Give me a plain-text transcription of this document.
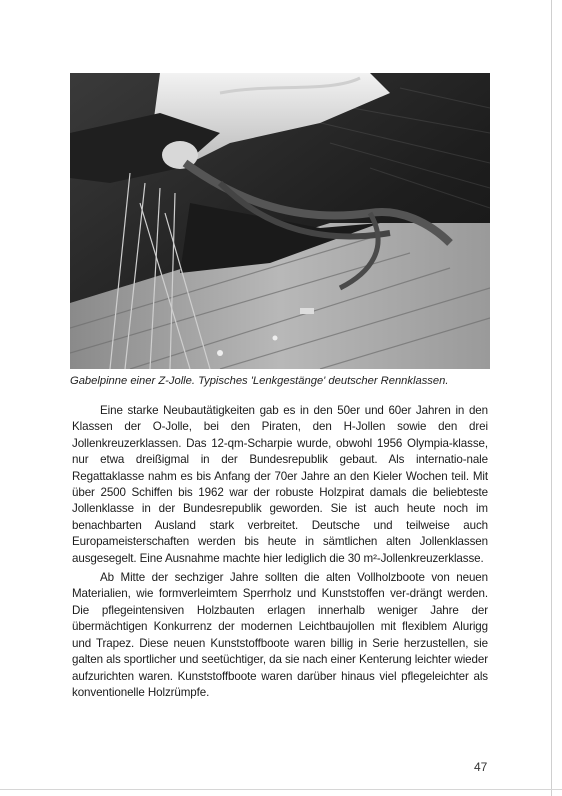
Gabelpinne einer Z-Jolle. Typisches 'Lenkgestänge' deutscher Rennklassen.

Eine starke Neubautätigkeiten gab es in den 50er und 60er Jahren in den Klassen der O-Jolle, bei den Piraten, den H-Jollen sowie den drei Jollenkreuzerklassen. Das 12-qm-Scharpie wurde, obwohl 1956 Olympia-klasse, nur etwa dreißigmal in der Bundesrepublik gebaut. Als internatio-nale Regattaklasse nahm es bis Anfang der 70er Jahre an den Kieler Wochen teil. Mit über 2500 Schiffen bis 1962 war der robuste Holzpirat damals die beliebteste Jollenklasse in der Bundesrepublik geworden. Sie ist auch heute noch im benachbarten Ausland stark verbreitet. Deutsche und teilweise auch Europameisterschaften werden bis heute in sämtlichen alten Jollenklassen ausgesegelt. Eine Ausnahme machte hier lediglich die 30 m²-Jollenkreuzerklasse.

Ab Mitte der sechziger Jahre sollten die alten Vollholzboote von neuen Materialien, wie formverleimtem Sperrholz und Kunststoffen ver-drängt werden. Die pflegeintensiven Holzbauten erlagen innerhalb weniger Jahre der übermächtigen Konkurrenz der modernen Leichtbaujollen mit flexiblem Alurigg und Trapez. Diese neuen Kunststoffboote waren billig in Serie herzustellen, sie galten als sportlicher und seetüchtiger, da sie nach einer Kenterung leichter wieder aufzurichten waren. Kunststoffboote waren darüber hinaus viel pflegeleichter als konventionelle Holzrümpfe.

47
